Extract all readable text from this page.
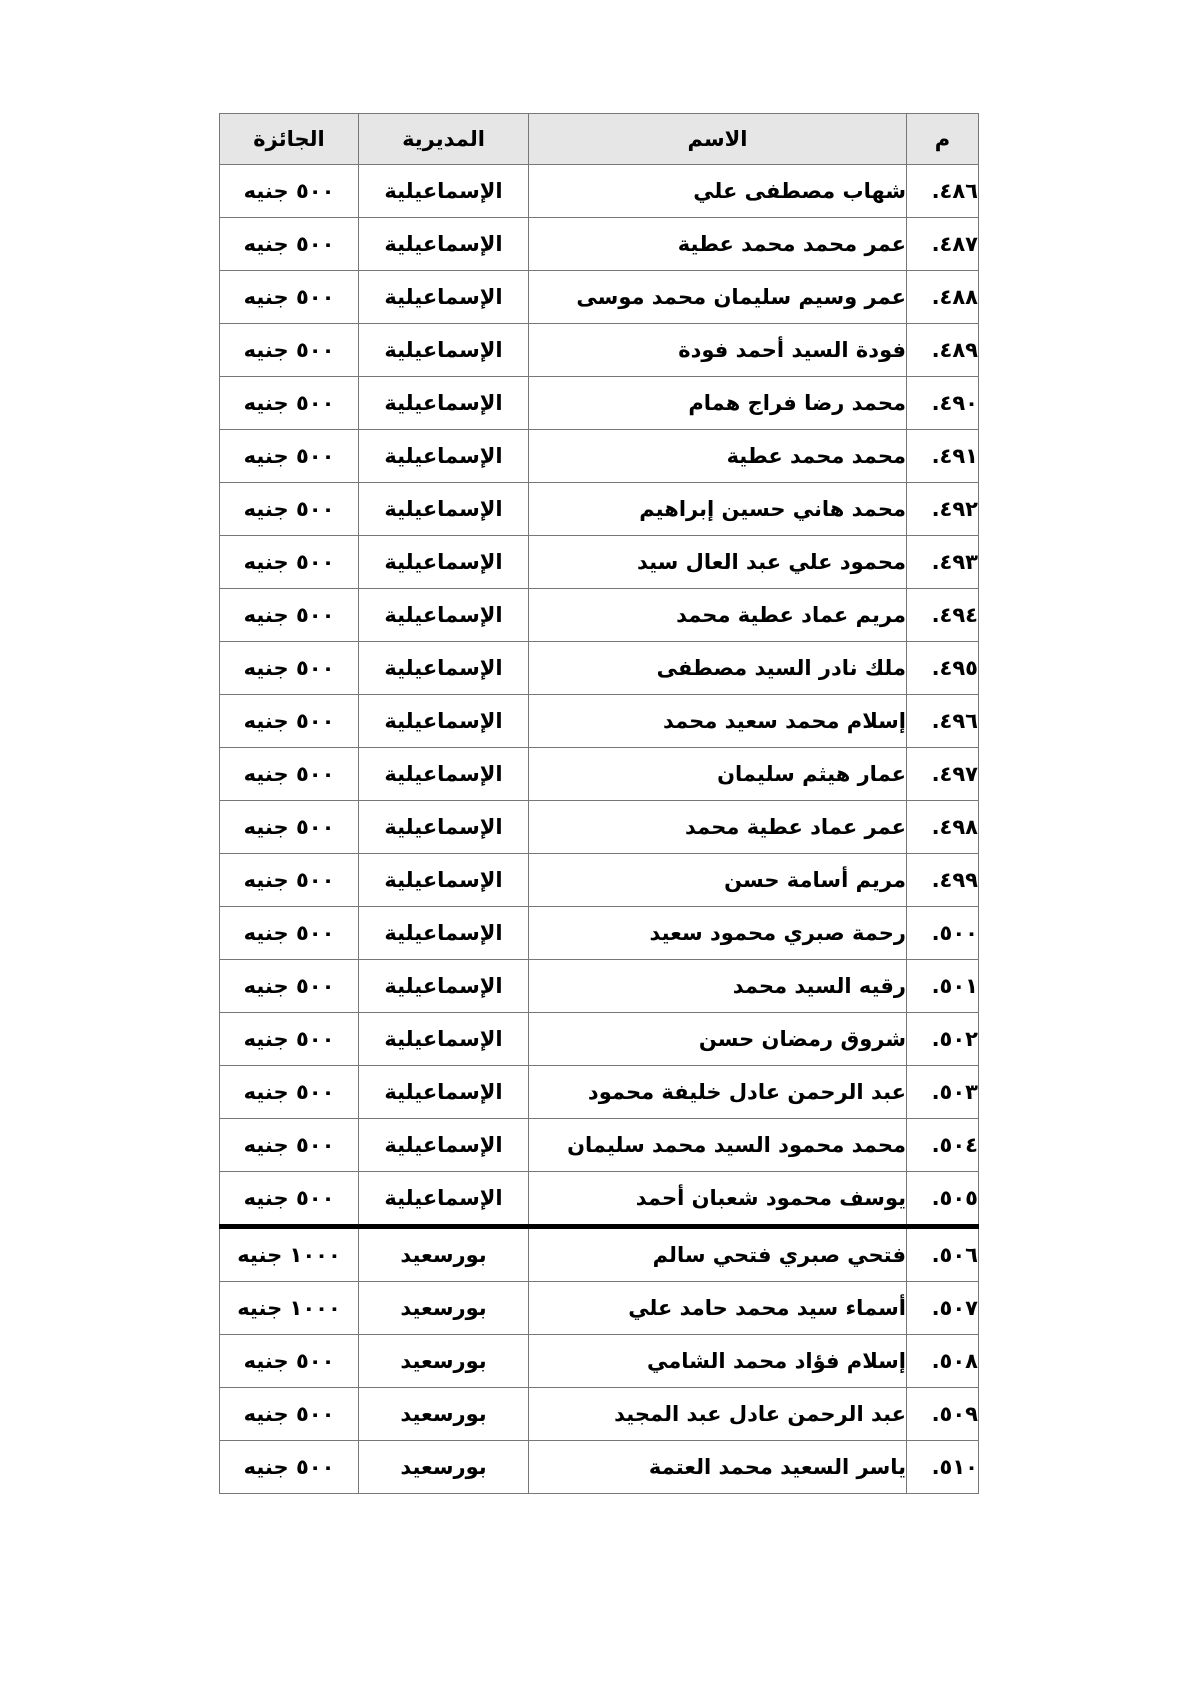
م	الاسم	المديرية	الجائزة
٤٨٦.	شهاب مصطفى علي	الإسماعيلية	٥٠٠ جنيه
٤٨٧.	عمر محمد محمد عطية	الإسماعيلية	٥٠٠ جنيه
٤٨٨.	عمر وسيم سليمان محمد موسى	الإسماعيلية	٥٠٠ جنيه
٤٨٩.	فودة السيد أحمد فودة	الإسماعيلية	٥٠٠ جنيه
٤٩٠.	محمد رضا فراج همام	الإسماعيلية	٥٠٠ جنيه
٤٩١.	محمد محمد عطية	الإسماعيلية	٥٠٠ جنيه
٤٩٢.	محمد هاني حسين إبراهيم	الإسماعيلية	٥٠٠ جنيه
٤٩٣.	محمود علي عبد العال سيد	الإسماعيلية	٥٠٠ جنيه
٤٩٤.	مريم عماد عطية محمد	الإسماعيلية	٥٠٠ جنيه
٤٩٥.	ملك نادر السيد مصطفى	الإسماعيلية	٥٠٠ جنيه
٤٩٦.	إسلام محمد سعيد محمد	الإسماعيلية	٥٠٠ جنيه
٤٩٧.	عمار هيثم سليمان	الإسماعيلية	٥٠٠ جنيه
٤٩٨.	عمر عماد عطية محمد	الإسماعيلية	٥٠٠ جنيه
٤٩٩.	مريم أسامة حسن	الإسماعيلية	٥٠٠ جنيه
٥٠٠.	رحمة صبري محمود سعيد	الإسماعيلية	٥٠٠ جنيه
٥٠١.	رقيه السيد محمد	الإسماعيلية	٥٠٠ جنيه
٥٠٢.	شروق رمضان حسن	الإسماعيلية	٥٠٠ جنيه
٥٠٣.	عبد الرحمن عادل خليفة محمود	الإسماعيلية	٥٠٠ جنيه
٥٠٤.	محمد محمود السيد محمد سليمان	الإسماعيلية	٥٠٠ جنيه
٥٠٥.	يوسف محمود شعبان أحمد	الإسماعيلية	٥٠٠ جنيه
٥٠٦.	فتحي صبري فتحي سالم	بورسعيد	١٠٠٠ جنيه
٥٠٧.	أسماء سيد محمد حامد علي	بورسعيد	١٠٠٠ جنيه
٥٠٨.	إسلام فؤاد محمد الشامي	بورسعيد	٥٠٠ جنيه
٥٠٩.	عبد الرحمن عادل عبد المجيد	بورسعيد	٥٠٠ جنيه
٥١٠.	ياسر السعيد محمد العتمة	بورسعيد	٥٠٠ جنيه
